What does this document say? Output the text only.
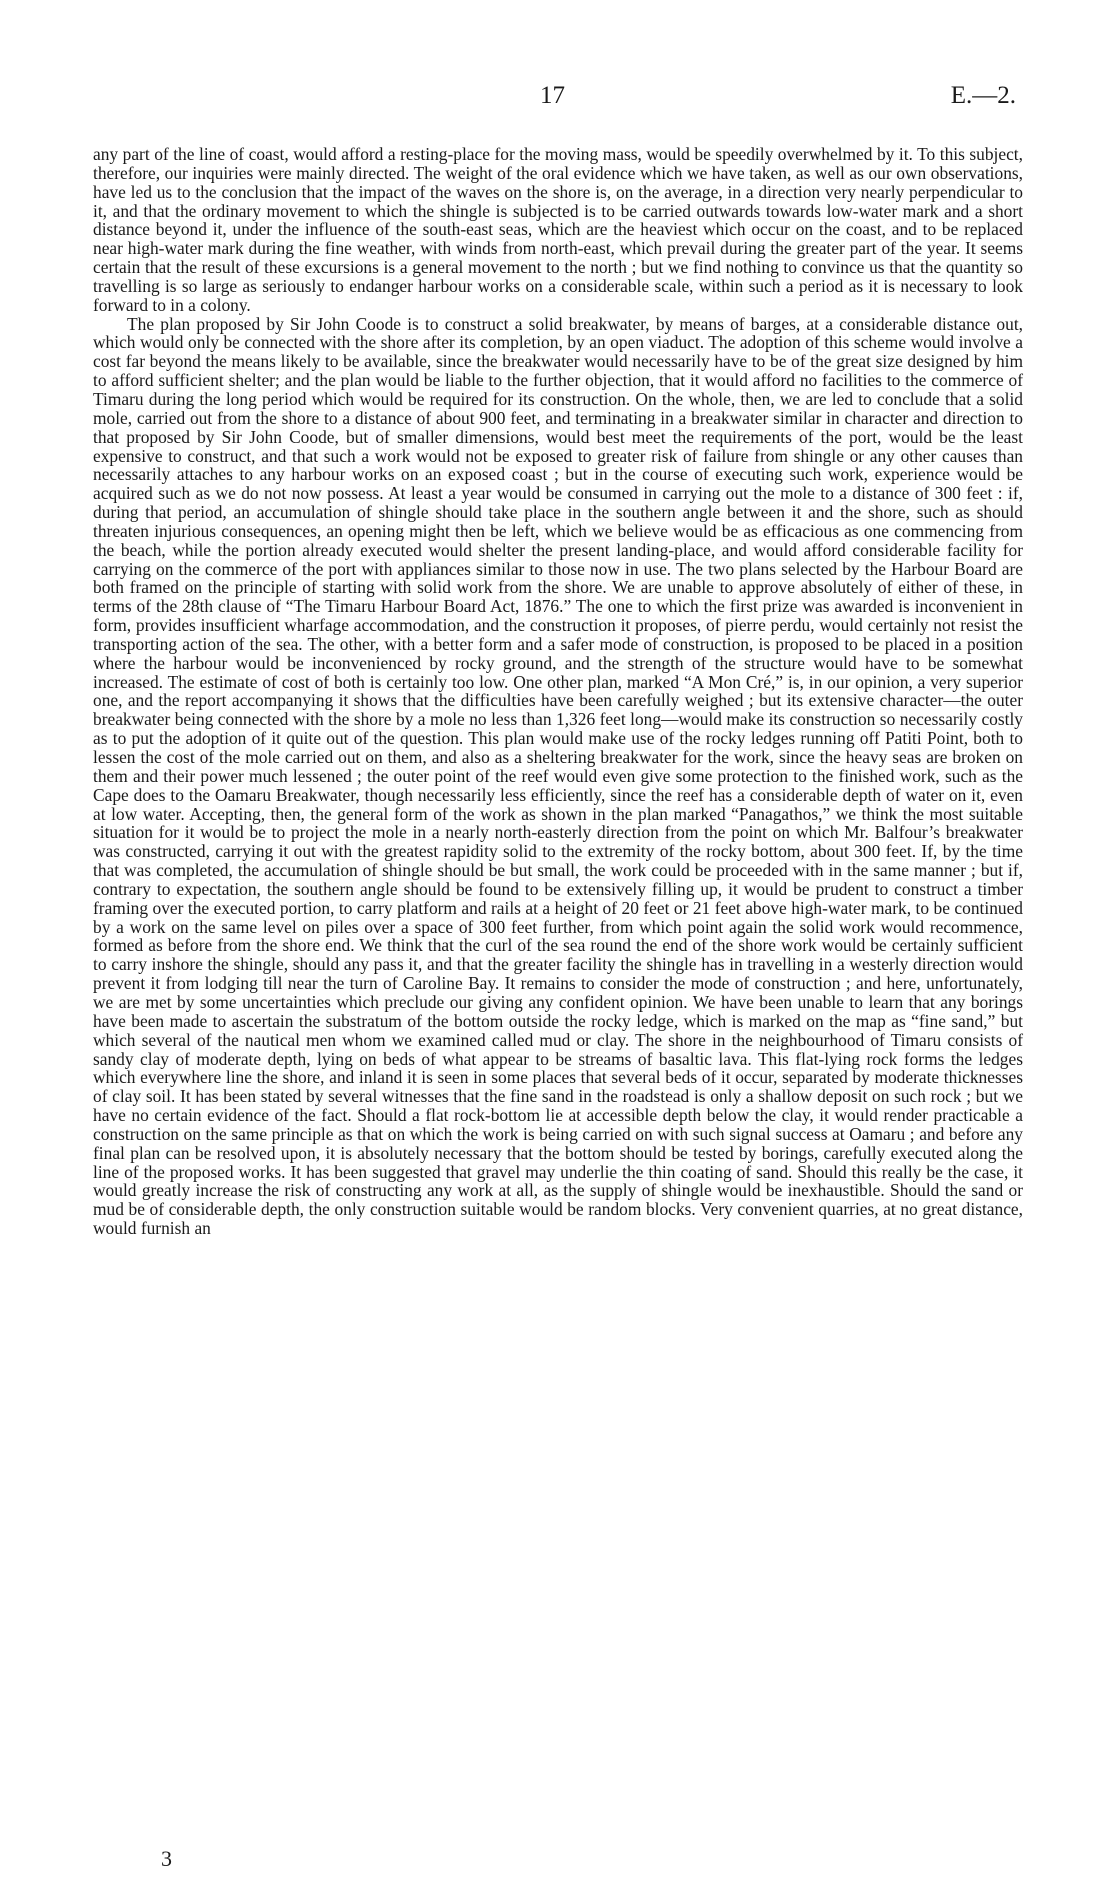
17	E.—2.

any part of the line of coast, would afford a resting-place for the moving mass, would be speedily overwhelmed by it. To this subject, therefore, our inquiries were mainly directed. The weight of the oral evidence which we have taken, as well as our own observations, have led us to the conclusion that the impact of the waves on the shore is, on the average, in a direction very nearly perpendicular to it, and that the ordinary movement to which the shingle is subjected is to be carried outwards towards low-water mark and a short distance beyond it, under the influence of the south-east seas, which are the heaviest which occur on the coast, and to be replaced near high-water mark during the fine weather, with winds from north-east, which prevail during the greater part of the year. It seems certain that the result of these excursions is a general movement to the north ; but we find nothing to convince us that the quantity so travelling is so large as seriously to endanger harbour works on a considerable scale, within such a period as it is necessary to look forward to in a colony.

The plan proposed by Sir John Coode is to construct a solid breakwater, by means of barges, at a considerable distance out, which would only be connected with the shore after its completion, by an open viaduct. The adoption of this scheme would involve a cost far beyond the means likely to be available, since the breakwater would necessarily have to be of the great size designed by him to afford sufficient shelter; and the plan would be liable to the further objection, that it would afford no facilities to the commerce of Timaru during the long period which would be required for its construction. On the whole, then, we are led to conclude that a solid mole, carried out from the shore to a distance of about 900 feet, and terminating in a breakwater similar in character and direction to that proposed by Sir John Coode, but of smaller dimensions, would best meet the requirements of the port, would be the least expensive to construct, and that such a work would not be exposed to greater risk of failure from shingle or any other causes than necessarily attaches to any harbour works on an exposed coast ; but in the course of executing such work, experience would be acquired such as we do not now possess. At least a year would be consumed in carrying out the mole to a distance of 300 feet : if, during that period, an accumulation of shingle should take place in the southern angle between it and the shore, such as should threaten injurious consequences, an opening might then be left, which we believe would be as efficacious as one commencing from the beach, while the portion already executed would shelter the present landing-place, and would afford considerable facility for carrying on the commerce of the port with appliances similar to those now in use. The two plans selected by the Harbour Board are both framed on the principle of starting with solid work from the shore. We are unable to approve absolutely of either of these, in terms of the 28th clause of “The Timaru Harbour Board Act, 1876.” The one to which the first prize was awarded is inconvenient in form, provides insufficient wharfage accommodation, and the construction it proposes, of pierre perdu, would certainly not resist the transporting action of the sea. The other, with a better form and a safer mode of construction, is proposed to be placed in a position where the harbour would be inconvenienced by rocky ground, and the strength of the structure would have to be somewhat increased. The estimate of cost of both is certainly too low. One other plan, marked “A Mon Cré,” is, in our opinion, a very superior one, and the report accompanying it shows that the difficulties have been carefully weighed ; but its extensive character—the outer breakwater being connected with the shore by a mole no less than 1,326 feet long—would make its construction so necessarily costly as to put the adoption of it quite out of the question. This plan would make use of the rocky ledges running off Patiti Point, both to lessen the cost of the mole carried out on them, and also as a sheltering breakwater for the work, since the heavy seas are broken on them and their power much lessened ; the outer point of the reef would even give some protection to the finished work, such as the Cape does to the Oamaru Breakwater, though necessarily less efficiently, since the reef has a considerable depth of water on it, even at low water. Accepting, then, the general form of the work as shown in the plan marked “Panagathos,” we think the most suitable situation for it would be to project the mole in a nearly north-easterly direction from the point on which Mr. Balfour’s breakwater was constructed, carrying it out with the greatest rapidity solid to the extremity of the rocky bottom, about 300 feet. If, by the time that was completed, the accumulation of shingle should be but small, the work could be proceeded with in the same manner ; but if, contrary to expectation, the southern angle should be found to be extensively filling up, it would be prudent to construct a timber framing over the executed portion, to carry platform and rails at a height of 20 feet or 21 feet above high-water mark, to be continued by a work on the same level on piles over a space of 300 feet further, from which point again the solid work would recommence, formed as before from the shore end. We think that the curl of the sea round the end of the shore work would be certainly sufficient to carry inshore the shingle, should any pass it, and that the greater facility the shingle has in travelling in a westerly direction would prevent it from lodging till near the turn of Caroline Bay. It remains to consider the mode of construction ; and here, unfortunately, we are met by some uncertainties which preclude our giving any confident opinion. We have been unable to learn that any borings have been made to ascertain the substratum of the bottom outside the rocky ledge, which is marked on the map as “fine sand,” but which several of the nautical men whom we examined called mud or clay. The shore in the neighbourhood of Timaru consists of sandy clay of moderate depth, lying on beds of what appear to be streams of basaltic lava. This flat-lying rock forms the ledges which everywhere line the shore, and inland it is seen in some places that several beds of it occur, separated by moderate thicknesses of clay soil. It has been stated by several witnesses that the fine sand in the roadstead is only a shallow deposit on such rock ; but we have no certain evidence of the fact. Should a flat rock-bottom lie at accessible depth below the clay, it would render practicable a construction on the same principle as that on which the work is being carried on with such signal success at Oamaru ; and before any final plan can be resolved upon, it is absolutely necessary that the bottom should be tested by borings, carefully executed along the line of the proposed works. It has been suggested that gravel may underlie the thin coating of sand. Should this really be the case, it would greatly increase the risk of constructing any work at all, as the supply of shingle would be inexhaustible. Should the sand or mud be of considerable depth, the only construction suitable would be random blocks. Very convenient quarries, at no great distance, would furnish an

3
